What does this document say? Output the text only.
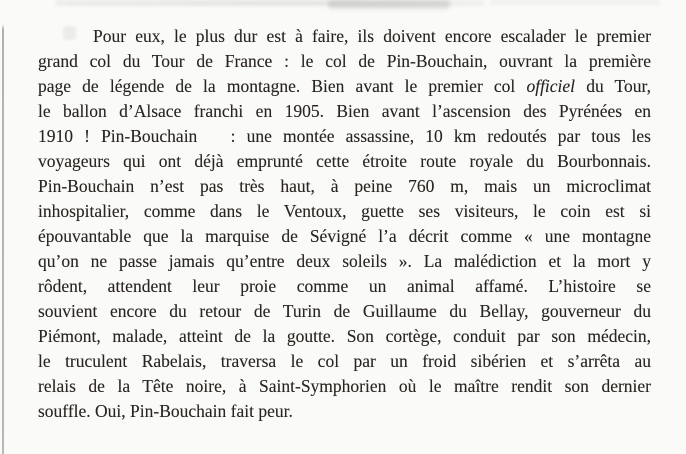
Pour eux, le plus dur est à faire, ils doivent encore escalader le premier
grand col du Tour de France : le col de Pin-Bouchain, ouvrant la première
page de légende de la montagne. Bien avant le premier col officiel du Tour,
le ballon d’Alsace franchi en 1905. Bien avant l’ascension des Pyrénées en
1910 ! Pin-Bouchain   : une montée assassine, 10 km redoutés par tous les
voyageurs qui ont déjà emprunté cette étroite route royale du Bourbonnais.
Pin-Bouchain n’est pas très haut, à peine 760 m, mais un microclimat
inhospitalier, comme dans le Ventoux, guette ses visiteurs, le coin est si
épouvantable que la marquise de Sévigné l’a décrit comme « une montagne
qu’on ne passe jamais qu’entre deux soleils ». La malédiction et la mort y
rôdent, attendent leur proie comme un animal affamé. L’histoire se
souvient encore du retour de Turin de Guillaume du Bellay, gouverneur du
Piémont, malade, atteint de la goutte. Son cortège, conduit par son médecin,
le truculent Rabelais, traversa le col par un froid sibérien et s’arrêta au
relais de la Tête noire, à Saint-Symphorien où le maître rendit son dernier
souffle. Oui, Pin-Bouchain fait peur.
